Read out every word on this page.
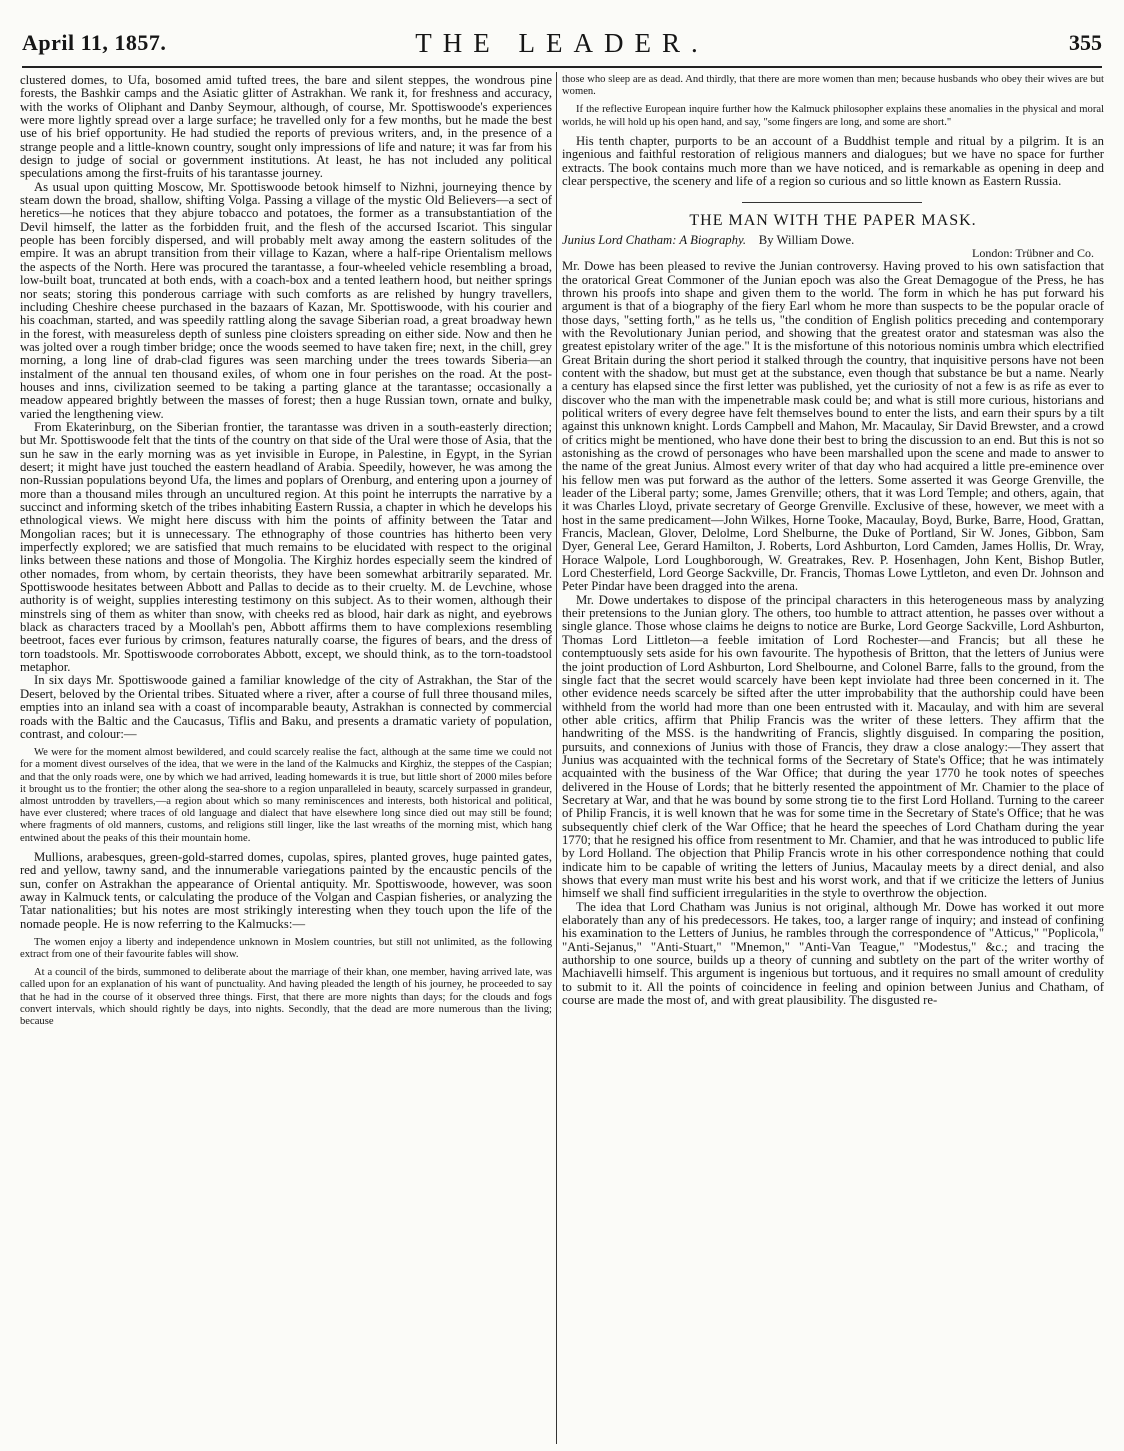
April 11, 1857.	THE LEADER.	355

clustered domes, to Ufa, bosomed amid tufted trees, the bare and silent steppes, the wondrous pine forests, the Bashkir camps and the Asiatic glitter of Astrakhan. We rank it, for freshness and accuracy, with the works of Oliphant and Danby Seymour, although, of course, Mr. Spottiswoode's experiences were more lightly spread over a large surface; he travelled only for a few months, but he made the best use of his brief opportunity. He had studied the reports of previous writers, and, in the presence of a strange people and a little-known country, sought only impressions of life and nature; it was far from his design to judge of social or government institutions. At least, he has not included any political speculations among the first-fruits of his tarantasse journey.

As usual upon quitting Moscow, Mr. Spottiswoode betook himself to Nizhni, journeying thence by steam down the broad, shallow, shifting Volga. Passing a village of the mystic Old Believers—a sect of heretics—he notices that they abjure tobacco and potatoes, the former as a transubstantiation of the Devil himself, the latter as the forbidden fruit, and the flesh of the accursed Iscariot. This singular people has been forcibly dispersed, and will probably melt away among the eastern solitudes of the empire. It was an abrupt transition from their village to Kazan, where a half-ripe Orientalism mellows the aspects of the North. Here was procured the tarantasse, a four-wheeled vehicle resembling a broad, low-built boat, truncated at both ends, with a coach-box and a tented leathern hood, but neither springs nor seats; storing this ponderous carriage with such comforts as are relished by hungry travellers, including Cheshire cheese purchased in the bazaars of Kazan, Mr. Spottiswoode, with his courier and his coachman, started, and was speedily rattling along the savage Siberian road, a great broadway hewn in the forest, with measureless depth of sunless pine cloisters spreading on either side. Now and then he was jolted over a rough timber bridge; once the woods seemed to have taken fire; next, in the chill, grey morning, a long line of drab-clad figures was seen marching under the trees towards Siberia—an instalment of the annual ten thousand exiles, of whom one in four perishes on the road. At the post-houses and inns, civilization seemed to be taking a parting glance at the tarantasse; occasionally a meadow appeared brightly between the masses of forest; then a huge Russian town, ornate and bulky, varied the lengthening view.

From Ekaterinburg, on the Siberian frontier, the tarantasse was driven in a south-easterly direction; but Mr. Spottiswoode felt that the tints of the country on that side of the Ural were those of Asia, that the sun he saw in the early morning was as yet invisible in Europe, in Palestine, in Egypt, in the Syrian desert; it might have just touched the eastern headland of Arabia. Speedily, however, he was among the non-Russian populations beyond Ufa, the limes and poplars of Orenburg, and entering upon a journey of more than a thousand miles through an uncultured region. At this point he interrupts the narrative by a succinct and informing sketch of the tribes inhabiting Eastern Russia, a chapter in which he develops his ethnological views. We might here discuss with him the points of affinity between the Tatar and Mongolian races; but it is unnecessary. The ethnography of those countries has hitherto been very imperfectly explored; we are satisfied that much remains to be elucidated with respect to the original links between these nations and those of Mongolia. The Kirghiz hordes especially seem the kindred of other nomades, from whom, by certain theorists, they have been somewhat arbitrarily separated. Mr. Spottiswoode hesitates between Abbott and Pallas to decide as to their cruelty. M. de Levchine, whose authority is of weight, supplies interesting testimony on this subject. As to their women, although their minstrels sing of them as whiter than snow, with cheeks red as blood, hair dark as night, and eyebrows black as characters traced by a Moollah's pen, Abbott affirms them to have complexions resembling beetroot, faces ever furious by crimson, features naturally coarse, the figures of bears, and the dress of torn toadstools. Mr. Spottiswoode corroborates Abbott, except, we should think, as to the torn-toadstool metaphor.

In six days Mr. Spottiswoode gained a familiar knowledge of the city of Astrakhan, the Star of the Desert, beloved by the Oriental tribes. Situated where a river, after a course of full three thousand miles, empties into an inland sea with a coast of incomparable beauty, Astrakhan is connected by commercial roads with the Baltic and the Caucasus, Tiflis and Baku, and presents a dramatic variety of population, contrast, and colour:—

We were for the moment almost bewildered, and could scarcely realise the fact, although at the same time we could not for a moment divest ourselves of the idea, that we were in the land of the Kalmucks and Kirghiz, the steppes of the Caspian; and that the only roads were, one by which we had arrived, leading homewards it is true, but little short of 2000 miles before it brought us to the frontier; the other along the sea-shore to a region unparalleled in beauty, scarcely surpassed in grandeur, almost untrodden by travellers,—a region about which so many reminiscences and interests, both historical and political, have ever clustered; where traces of old language and dialect that have elsewhere long since died out may still be found; where fragments of old manners, customs, and religions still linger, like the last wreaths of the morning mist, which hang entwined about the peaks of this their mountain home.

Mullions, arabesques, green-gold-starred domes, cupolas, spires, planted groves, huge painted gates, red and yellow, tawny sand, and the innumerable variegations painted by the encaustic pencils of the sun, confer on Astrakhan the appearance of Oriental antiquity. Mr. Spottiswoode, however, was soon away in Kalmuck tents, or calculating the produce of the Volgan and Caspian fisheries, or analyzing the Tatar nationalities; but his notes are most strikingly interesting when they touch upon the life of the nomade people. He is now referring to the Kalmucks:—

The women enjoy a liberty and independence unknown in Moslem countries, but still not unlimited, as the following extract from one of their favourite fables will show.

At a council of the birds, summoned to deliberate about the marriage of their khan, one member, having arrived late, was called upon for an explanation of his want of punctuality. And having pleaded the length of his journey, he proceeded to say that he had in the course of it observed three things. First, that there are more nights than days; for the clouds and fogs convert intervals, which should rightly be days, into nights. Secondly, that the dead are more numerous than the living; because

those who sleep are as dead. And thirdly, that there are more women than men; because husbands who obey their wives are but women.

If the reflective European inquire further how the Kalmuck philosopher explains these anomalies in the physical and moral worlds, he will hold up his open hand, and say, "some fingers are long, and some are short."

His tenth chapter, purports to be an account of a Buddhist temple and ritual by a pilgrim. It is an ingenious and faithful restoration of religious manners and dialogues; but we have no space for further extracts. The book contains much more than we have noticed, and is remarkable as opening in deep and clear perspective, the scenery and life of a region so curious and so little known as Eastern Russia.

THE MAN WITH THE PAPER MASK.
Junius Lord Chatham: A Biography. By William Dowe.
London: Trübner and Co.

Mr. Dowe has been pleased to revive the Junian controversy. Having proved to his own satisfaction that the oratorical Great Commoner of the Junian epoch was also the Great Demagogue of the Press, he has thrown his proofs into shape and given them to the world. The form in which he has put forward his argument is that of a biography of the fiery Earl whom he more than suspects to be the popular oracle of those days, "setting forth," as he tells us, "the condition of English politics preceding and contemporary with the Revolutionary Junian period, and showing that the greatest orator and statesman was also the greatest epistolary writer of the age." It is the misfortune of this notorious nominis umbra which electrified Great Britain during the short period it stalked through the country, that inquisitive persons have not been content with the shadow, but must get at the substance, even though that substance be but a name. Nearly a century has elapsed since the first letter was published, yet the curiosity of not a few is as rife as ever to discover who the man with the impenetrable mask could be; and what is still more curious, historians and political writers of every degree have felt themselves bound to enter the lists, and earn their spurs by a tilt against this unknown knight. Lords Campbell and Mahon, Mr. Macaulay, Sir David Brewster, and a crowd of critics might be mentioned, who have done their best to bring the discussion to an end. But this is not so astonishing as the crowd of personages who have been marshalled upon the scene and made to answer to the name of the great Junius. Almost every writer of that day who had acquired a little pre-eminence over his fellow men was put forward as the author of the letters. Some asserted it was George Grenville, the leader of the Liberal party; some, James Grenville; others, that it was Lord Temple; and others, again, that it was Charles Lloyd, private secretary of George Grenville. Exclusive of these, however, we meet with a host in the same predicament—John Wilkes, Horne Tooke, Macaulay, Boyd, Burke, Barre, Hood, Grattan, Francis, Maclean, Glover, Delolme, Lord Shelburne, the Duke of Portland, Sir W. Jones, Gibbon, Sam Dyer, General Lee, Gerard Hamilton, J. Roberts, Lord Ashburton, Lord Camden, James Hollis, Dr. Wray, Horace Walpole, Lord Loughborough, W. Greatrakes, Rev. P. Hosenhagen, John Kent, Bishop Butler, Lord Chesterfield, Lord George Sackville, Dr. Francis, Thomas Lowe Lyttleton, and even Dr. Johnson and Peter Pindar have been dragged into the arena.

Mr. Dowe undertakes to dispose of the principal characters in this heterogeneous mass by analyzing their pretensions to the Junian glory. The others, too humble to attract attention, he passes over without a single glance. Those whose claims he deigns to notice are Burke, Lord George Sackville, Lord Ashburton, Thomas Lord Littleton—a feeble imitation of Lord Rochester—and Francis; but all these he contemptuously sets aside for his own favourite. The hypothesis of Britton, that the letters of Junius were the joint production of Lord Ashburton, Lord Shelbourne, and Colonel Barre, falls to the ground, from the single fact that the secret would scarcely have been kept inviolate had three been concerned in it. The other evidence needs scarcely be sifted after the utter improbability that the authorship could have been withheld from the world had more than one been entrusted with it. Macaulay, and with him are several other able critics, affirm that Philip Francis was the writer of these letters. They affirm that the handwriting of the MSS. is the handwriting of Francis, slightly disguised. In comparing the position, pursuits, and connexions of Junius with those of Francis, they draw a close analogy:—They assert that Junius was acquainted with the technical forms of the Secretary of State's Office; that he was intimately acquainted with the business of the War Office; that during the year 1770 he took notes of speeches delivered in the House of Lords; that he bitterly resented the appointment of Mr. Chamier to the place of Secretary at War, and that he was bound by some strong tie to the first Lord Holland. Turning to the career of Philip Francis, it is well known that he was for some time in the Secretary of State's Office; that he was subsequently chief clerk of the War Office; that he heard the speeches of Lord Chatham during the year 1770; that he resigned his office from resentment to Mr. Chamier, and that he was introduced to public life by Lord Holland. The objection that Philip Francis wrote in his other correspondence nothing that could indicate him to be capable of writing the letters of Junius, Macaulay meets by a direct denial, and also shows that every man must write his best and his worst work, and that if we criticize the letters of Junius himself we shall find sufficient irregularities in the style to overthrow the objection.

The idea that Lord Chatham was Junius is not original, although Mr. Dowe has worked it out more elaborately than any of his predecessors. He takes, too, a larger range of inquiry; and instead of confining his examination to the Letters of Junius, he rambles through the correspondence of "Atticus," "Poplicola," "Anti-Sejanus," "Anti-Stuart," "Mnemon," "Anti-Van Teague," "Modestus," &c.; and tracing the authorship to one source, builds up a theory of cunning and subtlety on the part of the writer worthy of Machiavelli himself. This argument is ingenious but tortuous, and it requires no small amount of credulity to submit to it. All the points of coincidence in feeling and opinion between Junius and Chatham, of course are made the most of, and with great plausibility. The disgusted re-
